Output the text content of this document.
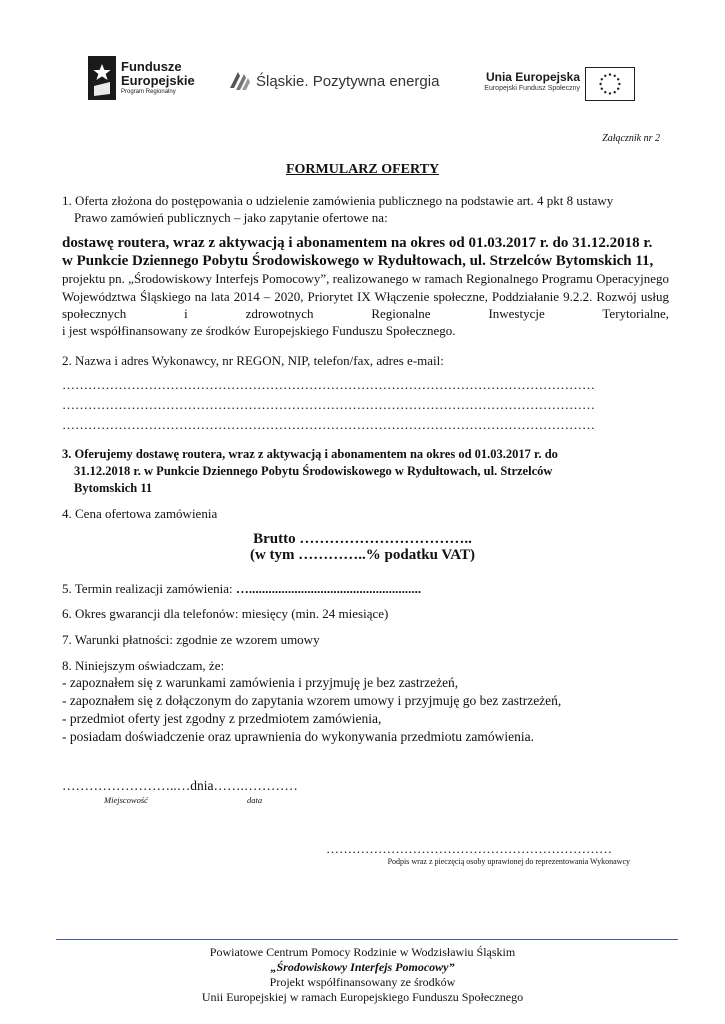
Fundusze
Europejskie
Program Regionalny
Śląskie. Pozytywna energia	Unia Europejska
Europejski Fundusz Społeczny
Załącznik nr 2
FORMULARZ OFERTY
1. Oferta złożona do postępowania o udzielenie zamówienia publicznego na podstawie art. 4 pkt 8 ustawy
Prawo zamówień publicznych – jako zapytanie ofertowe na:
dostawę routera, wraz z aktywacją i abonamentem na okres od 01.03.2017 r. do 31.12.2018 r.
w Punkcie Dziennego Pobytu Środowiskowego w Rydułtowach, ul. Strzelców Bytomskich 11,
projektu pn. „Środowiskowy Interfejs Pomocowy”, realizowanego w ramach Regionalnego Programu Operacyjnego Województwa Śląskiego na lata 2014 – 2020, Priorytet IX Włączenie społeczne, Poddziałanie 9.2.2. Rozwój usług społecznych i zdrowotnych Regionalne Inwestycje Terytorialne,
i jest współfinansowany ze środków Europejskiego Funduszu Społecznego.
2. Nazwa i adres Wykonawcy, nr REGON, NIP, telefon/fax, adres e-mail:
……………………………………………………………………………………………………………
……………………………………………………………………………………………………………
……………………………………………………………………………………………………………
3. Oferujemy dostawę routera, wraz z aktywacją i abonamentem na okres od 01.03.2017 r. do
31.12.2018 r. w Punkcie Dziennego Pobytu Środowiskowego w Rydułtowach, ul. Strzelców
Bytomskich 11
4. Cena ofertowa zamówienia
Brutto ……………………………..
(w tym …………..% podatku VAT)
5. Termin realizacji zamówienia: ….....................................................
6. Okres gwarancji dla telefonów: miesięcy (min. 24 miesiące)
7. Warunki płatności: zgodnie ze wzorem umowy
8. Niniejszym oświadczam, że:
- zapoznałem się z warunkami zamówienia i przyjmuję je bez zastrzeżeń,
- zapoznałem się z dołączonym do zapytania wzorem umowy i przyjmuję go bez zastrzeżeń,
- przedmiot oferty jest zgodny z przedmiotem zamówienia,
- posiadam doświadczenie oraz uprawnienia do wykonywania przedmiotu zamówienia.
……………………..…dnia…….…………
Miejscowość	data
…………………………………………………………
Podpis wraz z pieczęcią osoby uprawionej do reprezentowania Wykonawcy
Powiatowe Centrum Pomocy Rodzinie w Wodzisławiu Śląskim
„Środowiskowy Interfejs Pomocowy”
Projekt współfinansowany ze środków
Unii Europejskiej w ramach Europejskiego Funduszu Społecznego
